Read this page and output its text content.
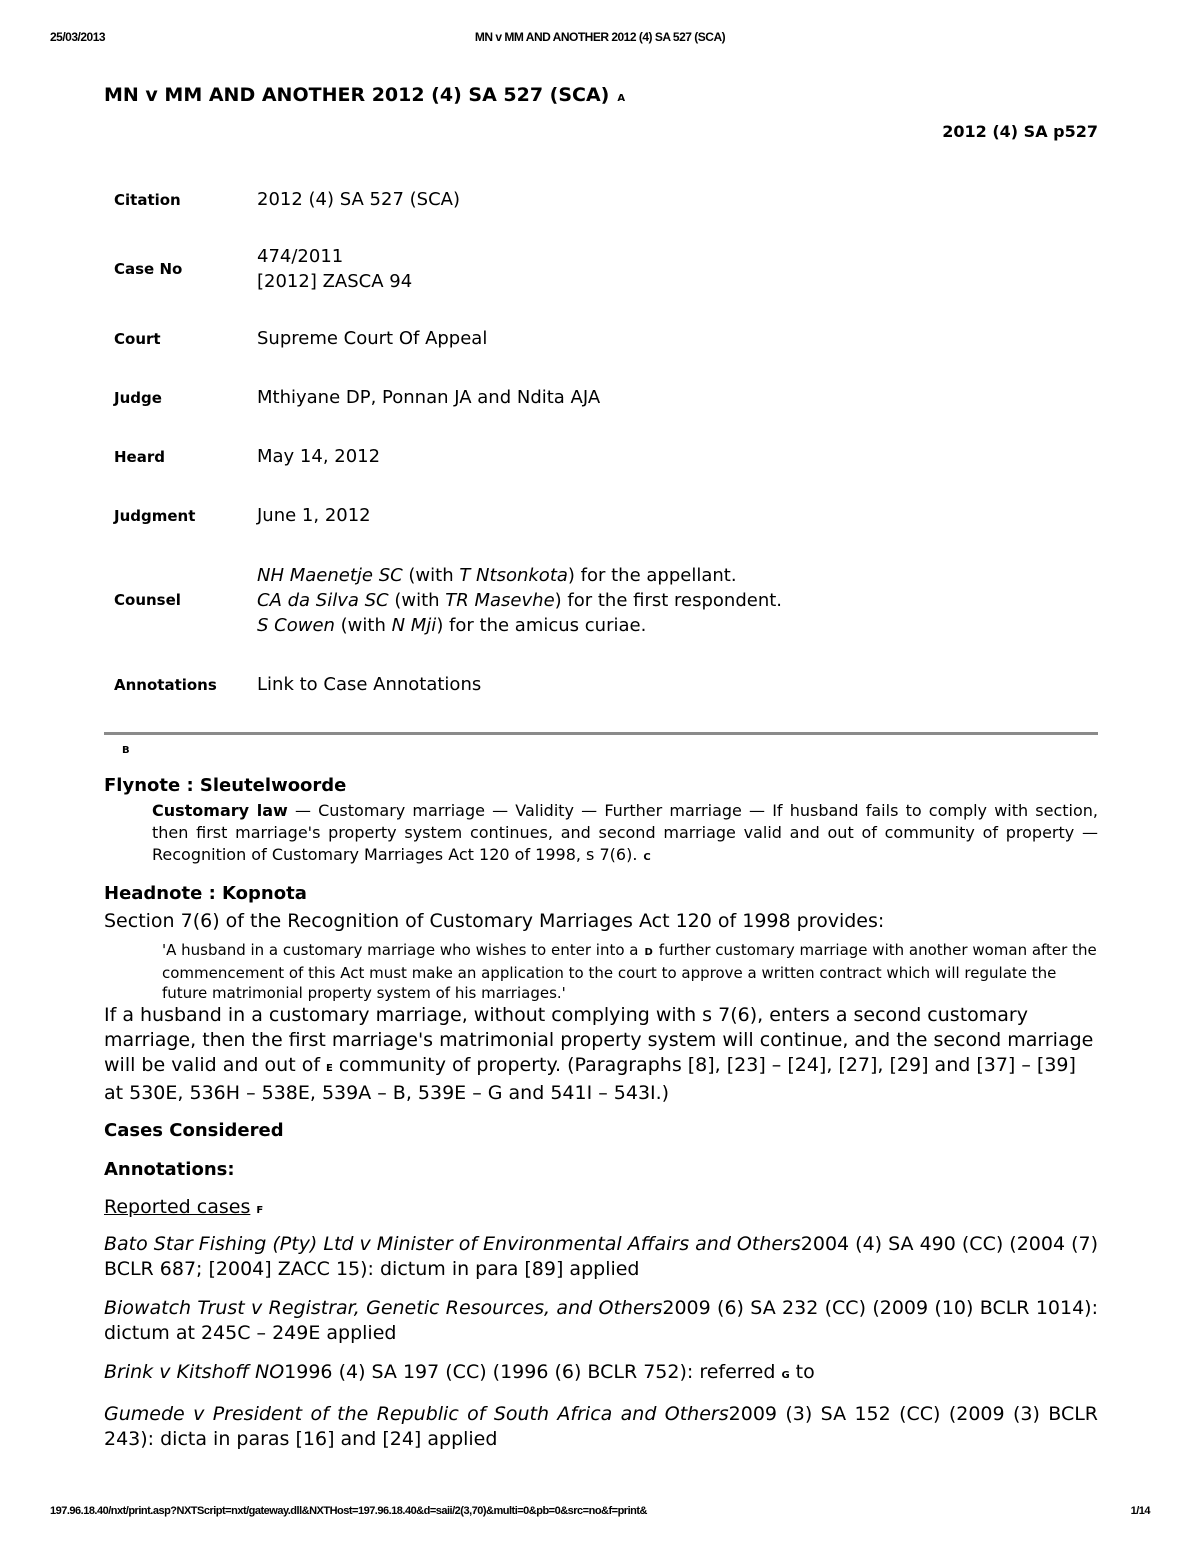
25/03/2013	MN v MM AND ANOTHER 2012 (4) SA 527 (SCA)
MN v MM AND ANOTHER 2012 (4) SA 527 (SCA) A
2012 (4) SA p527
Citation	2012 (4) SA 527 (SCA)
Case No	474/2011
[2012] ZASCA 94

Court	Supreme Court Of Appeal
Judge	Mthiyane DP, Ponnan JA and Ndita AJA
Heard	May 14, 2012
Judgment	June 1, 2012
Counsel	NH Maenetje SC (with T Ntsonkota) for the appellant.
CA da Silva SC (with TR Masevhe) for the first respondent.
S Cowen (with N Mji) for the amicus curiae.

Annotations	Link to Case Annotations
B
Flynote : Sleutelwoorde
Customary law — Customary marriage — Validity — Further marriage — If husband fails to comply with section, then first marriage's property system continues, and second marriage valid and out of community of property — Recognition of Customary Marriages Act 120 of 1998, s 7(6). C
Headnote : Kopnota

Section 7(6) of the Recognition of Customary Marriages Act 120 of 1998 provides:

'A husband in a customary marriage who wishes to enter into a D further customary marriage with another woman after the commencement of this Act must make an application to the court to approve a written contract which will regulate the future matrimonial property system of his marriages.'

If a husband in a customary marriage, without complying with s 7(6), enters a second customary marriage, then the first marriage's matrimonial property system will continue, and the second marriage will be valid and out of E community of property. (Paragraphs [8], [23] – [24], [27], [29] and [37] – [39] at 530E, 536H – 538E, 539A – B, 539E – G and 541I – 543I.)

Cases Considered

Annotations:

Reported cases F

Bato Star Fishing (Pty) Ltd v Minister of Environmental Affairs and Others2004 (4) SA 490 (CC) (2004 (7) BCLR 687; [2004] ZACC 15): dictum in para [89] applied

Biowatch Trust v Registrar, Genetic Resources, and Others2009 (6) SA 232 (CC) (2009 (10) BCLR 1014): dictum at 245C – 249E applied

Brink v Kitshoff NO1996 (4) SA 197 (CC) (1996 (6) BCLR 752): referred G to

Gumede v President of the Republic of South Africa and Others2009 (3) SA 152 (CC) (2009 (3) BCLR 243): dicta in paras [16] and [24] applied

197.96.18.40/nxt/print.asp?NXTScript=nxt/gateway.dll&NXTHost=197.96.18.40&d=saii/2(3,70)&multi=0&pb=0&src=no&f=print&	1/14
